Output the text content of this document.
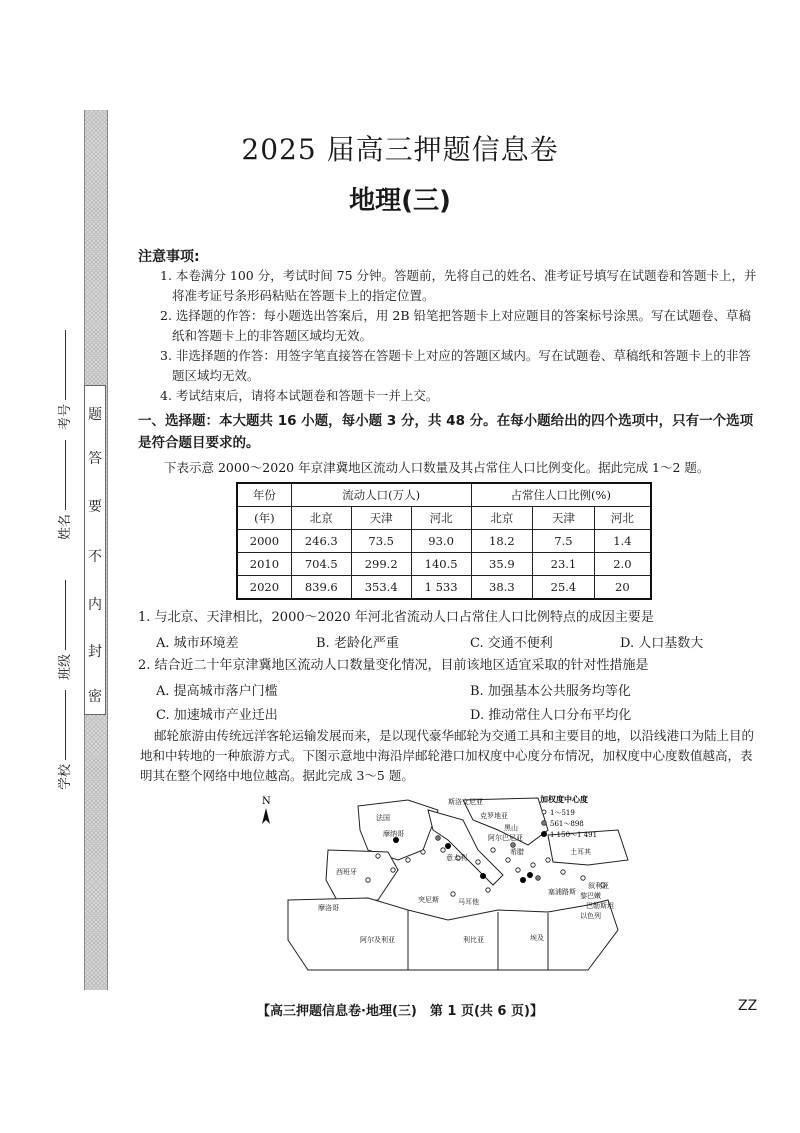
题
答
要
不
内
封
密
学校
班级
姓名
考号
2025 届高三押题信息卷
地理(三)
注意事项:
1. 本卷满分 100 分，考试时间 75 分钟。答题前，先将自己的姓名、准考证号填写在试题卷和答题卡上，并将准考证号条形码粘贴在答题卡上的指定位置。
2. 选择题的作答：每小题选出答案后，用 2B 铅笔把答题卡上对应题目的答案标号涂黑。写在试题卷、草稿纸和答题卡上的非答题区域均无效。
3. 非选择题的作答：用签字笔直接答在答题卡上对应的答题区域内。写在试题卷、草稿纸和答题卡上的非答题区域均无效。
4. 考试结束后，请将本试题卷和答题卡一并上交。
一、选择题：本大题共 16 小题，每小题 3 分，共 48 分。在每小题给出的四个选项中，只有一个选项是符合题目要求的。
下表示意 2000～2020 年京津冀地区流动人口数量及其占常住人口比例变化。据此完成 1～2 题。
年份	流动人口(万人)			占常住人口比例(%)		
(年)	北京	天津	河北	北京	天津	河北
2000	246.3	73.5	93.0	18.2	7.5	1.4
2010	704.5	299.2	140.5	35.9	23.1	2.0
2020	839.6	353.4	1 533	38.3	25.4	20
1. 与北京、天津相比，2000～2020 年河北省流动人口占常住人口比例特点的成因主要是
A. 城市环境差	B. 老龄化严重	C. 交通不便利	D. 人口基数大
2. 结合近二十年京津冀地区流动人口数量变化情况，目前该地区适宜采取的针对性措施是
A. 提高城市落户门槛	B. 加强基本公共服务均等化
C. 加速城市产业迁出	D. 推动常住人口分布平均化
邮轮旅游由传统远洋客轮运输发展而来，是以现代豪华邮轮为交通工具和主要目的地，以沿线港口为陆上目的地和中转地的一种旅游方式。下图示意地中海沿岸邮轮港口加权度中心度分布情况，加权度中心度数值越高，表明其在整个网络中地位越高。据此完成 3～5 题。
N
法国
斯洛文尼亚
克罗地亚
摩纳哥
黑山
阿尔巴尼亚
西班牙
希腊	土耳其
突尼斯	马耳他
塞浦路斯
叙利亚
黎巴嫩
巴勒斯坦
以色列
摩洛哥
阿尔及利亚	利比亚	埃及
意大利
加权度中心度
1～519
561～898
1 150～1 491
【高三押题信息卷·地理(三)　第 1 页(共 6 页)】	ZZ
